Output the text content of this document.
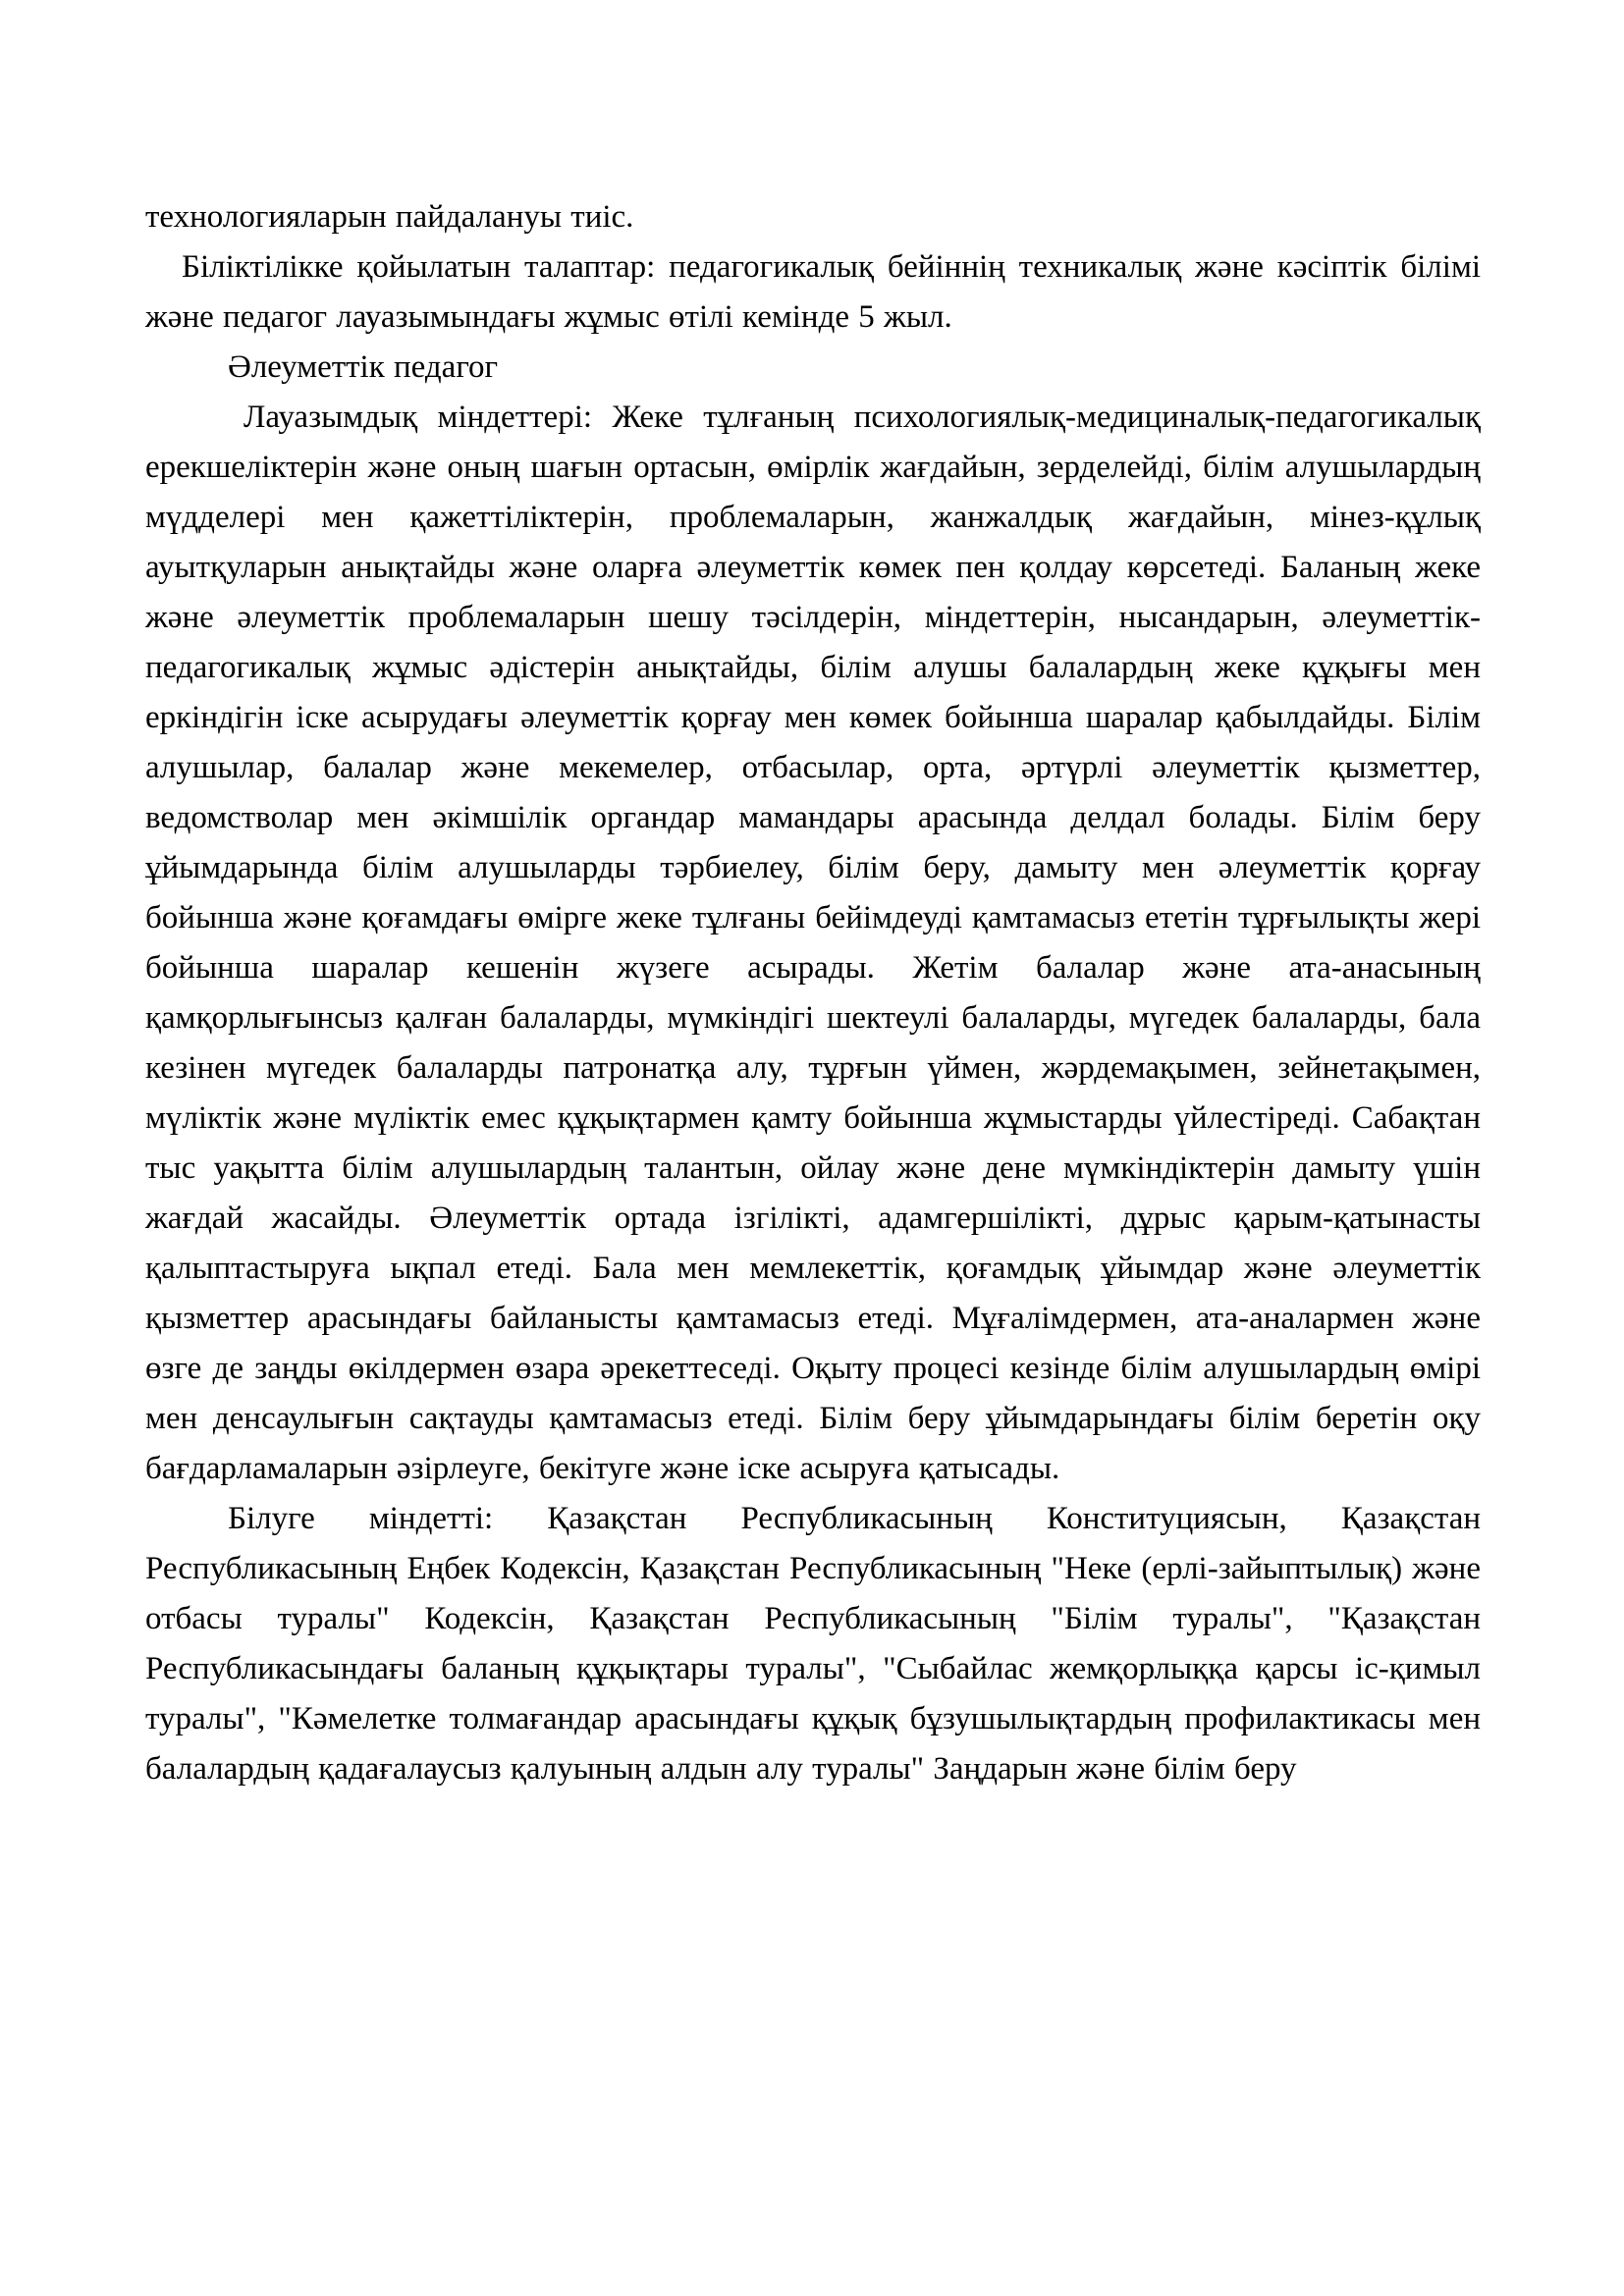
технологияларын пайдалануы тиіс.

Біліктілікке қойылатын талаптар: педагогикалық бейіннің техникалық және кәсіптік білімі және педагог лауазымындағы жұмыс өтілі кемінде 5 жыл.

Әлеуметтік педагог

Лауазымдық міндеттері: Жеке тұлғаның психологиялық-медициналық-педагогикалық ерекшеліктерін және оның шағын ортасын, өмірлік жағдайын, зерделейді, білім алушылардың мүдделері мен қажеттіліктерін, проблемаларын, жанжалдық жағдайын, мінез-құлық ауытқуларын анықтайды және оларға әлеуметтік көмек пен қолдау көрсетеді. Баланың жеке және әлеуметтік проблемаларын шешу тәсілдерін, міндеттерін, нысандарын, әлеуметтік-педагогикалық жұмыс әдістерін анықтайды, білім алушы балалардың жеке құқығы мен еркіндігін іске асырудағы әлеуметтік қорғау мен көмек бойынша шаралар қабылдайды. Білім алушылар, балалар және мекемелер, отбасылар, орта, әртүрлі әлеуметтік қызметтер, ведомстволар мен әкімшілік органдар мамандары арасында делдал болады. Білім беру ұйымдарында білім алушыларды тәрбиелеу, білім беру, дамыту мен әлеуметтік қорғау бойынша және қоғамдағы өмірге жеке тұлғаны бейімдеуді қамтамасыз ететін тұрғылықты жері бойынша шаралар кешенін жүзеге асырады. Жетім балалар және ата-анасының қамқорлығынсыз қалған балаларды, мүмкіндігі шектеулі балаларды, мүгедек балаларды, бала кезінен мүгедек балаларды патронатқа алу, тұрғын үймен, жәрдемақымен, зейнетақымен, мүліктік және мүліктік емес құқықтармен қамту бойынша жұмыстарды үйлестіреді. Сабақтан тыс уақытта білім алушылардың талантын, ойлау және дене мүмкіндіктерін дамыту үшін жағдай жасайды. Әлеуметтік ортада ізгілікті, адамгершілікті, дұрыс қарым-қатынасты қалыптастыруға ықпал етеді. Бала мен мемлекеттік, қоғамдық ұйымдар және әлеуметтік қызметтер арасындағы байланысты қамтамасыз етеді. Мұғалімдермен, ата-аналармен және өзге де заңды өкілдермен өзара әрекеттеседі. Оқыту процесі кезінде білім алушылардың өмірі мен денсаулығын сақтауды қамтамасыз етеді. Білім беру ұйымдарындағы білім беретін оқу бағдарламаларын әзірлеуге, бекітуге және іске асыруға қатысады.

Білуге міндетті: Қазақстан Республикасының Конституциясын, Қазақстан Республикасының Еңбек Кодексін, Қазақстан Республикасының "Неке (ерлі-зайыптылық) және отбасы туралы" Кодексін, Қазақстан Республикасының "Білім туралы", "Қазақстан Республикасындағы баланың құқықтары туралы", "Сыбайлас жемқорлыққа қарсы іс-қимыл туралы", "Кәмелетке толмағандар арасындағы құқық бұзушылықтардың профилактикасы мен балалардың қадағалаусыз қалуының алдын алу туралы" Заңдарын және білім беру
